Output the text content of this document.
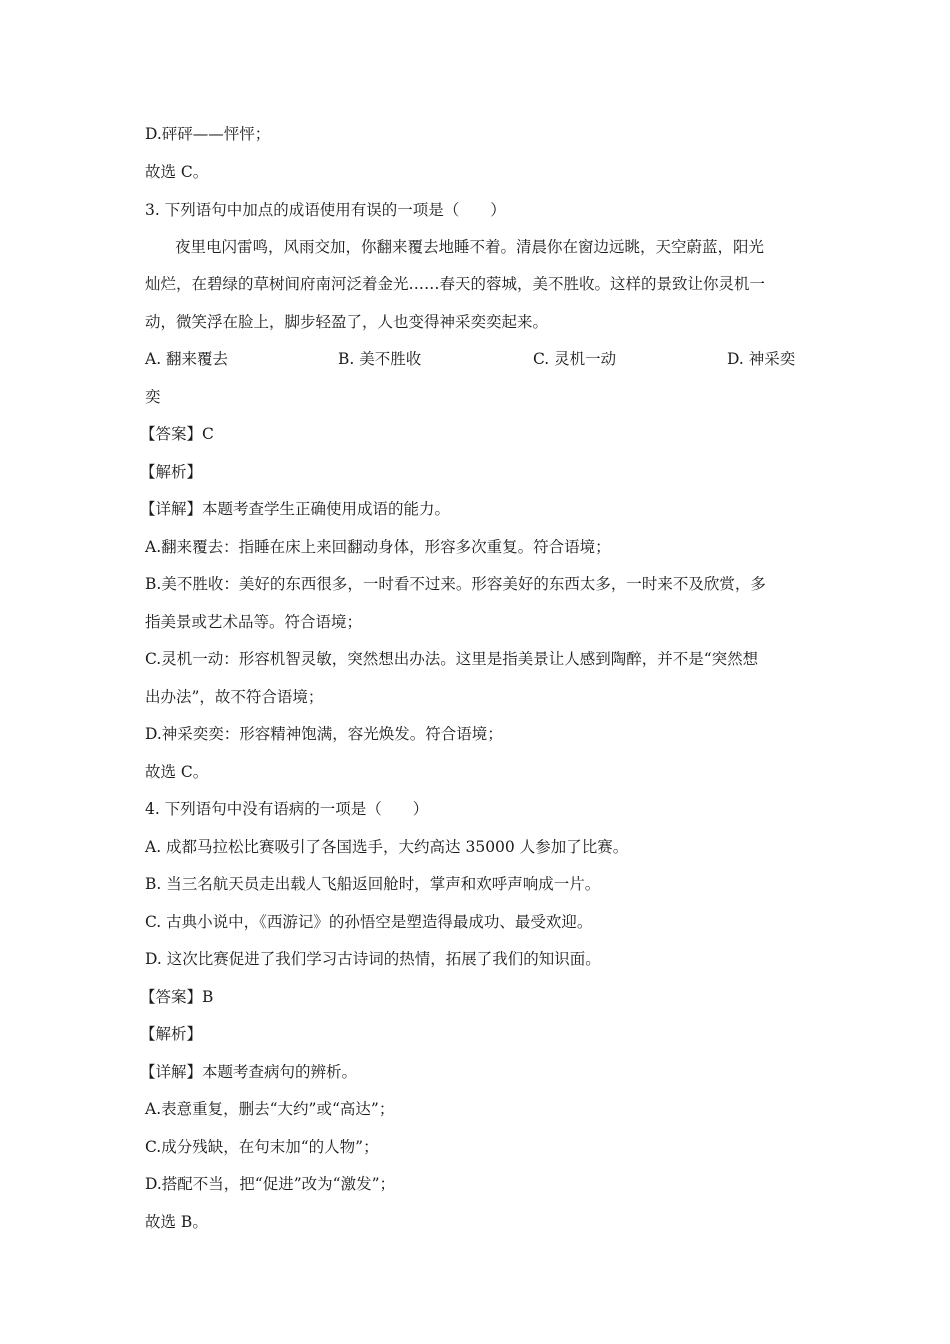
D.砰砰——怦怦；
故选 C。
3. 下列语句中加点的成语使用有误的一项是（　　）
夜里电闪雷鸣，风雨交加，你翻来覆去地睡不着。清晨你在窗边远眺，天空蔚蓝，阳光
灿烂，在碧绿的草树间府南河泛着金光……春天的蓉城，美不胜收。这样的景致让你灵机一
动，微笑浮在脸上，脚步轻盈了，人也变得神采奕奕起来。
A. 翻来覆去	B. 美不胜收	C. 灵机一动	D. 神采奕
奕
【答案】C
【解析】
【详解】本题考查学生正确使用成语的能力。
A.翻来覆去：指睡在床上来回翻动身体，形容多次重复。符合语境；
B.美不胜收：美好的东西很多，一时看不过来。形容美好的东西太多，一时来不及欣赏，多
指美景或艺术品等。符合语境；
C.灵机一动：形容机智灵敏，突然想出办法。这里是指美景让人感到陶醉，并不是“突然想
出办法”，故不符合语境；
D.神采奕奕：形容精神饱满，容光焕发。符合语境；
故选 C。
4. 下列语句中没有语病的一项是（　　）
A. 成都马拉松比赛吸引了各国选手，大约高达 35000 人参加了比赛。
B. 当三名航天员走出载人飞船返回舱时，掌声和欢呼声响成一片。
C. 古典小说中，《西游记》的孙悟空是塑造得最成功、最受欢迎。
D. 这次比赛促进了我们学习古诗词的热情，拓展了我们的知识面。
【答案】B
【解析】
【详解】本题考查病句的辨析。
A.表意重复，删去“大约”或“高达”；
C.成分残缺，在句末加“的人物”；
D.搭配不当，把“促进”改为“激发”；
故选 B。
